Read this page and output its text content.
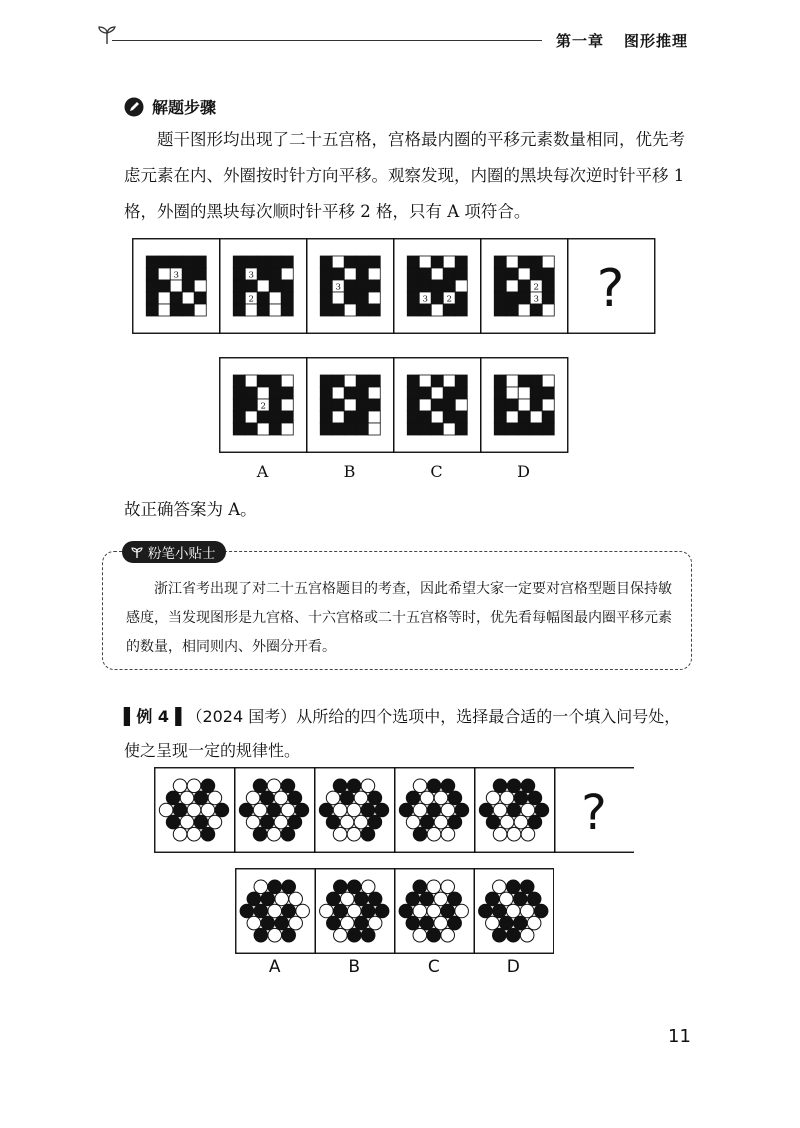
第一章 图形推理
解题步骤
题干图形均出现了二十五宫格，宫格最内圈的平移元素数量相同，优先考虑元素在内、外圈按时针方向平移。观察发现，内圈的黑块每次逆时针平移 1 格，外圈的黑块每次顺时针平移 2 格，只有 A 项符合。
3
2
3
2
1	3
1
2	3 2
3
2
3 ?
1 2
3
A	B	C	D
故正确答案为 A。
粉笔小贴士
浙江省考出现了对二十五宫格题目的考查，因此希望大家一定要对宫格型题目保持敏感度，当发现图形是九宫格、十六宫格或二十五宫格等时，优先看每幅图最内圈平移元素的数量，相同则内、外圈分开看。
▌例 4▐ （2024 国考）从所给的四个选项中，选择最合适的一个填入问号处，使之呈现一定的规律性。
?
A	B	C	D
11
